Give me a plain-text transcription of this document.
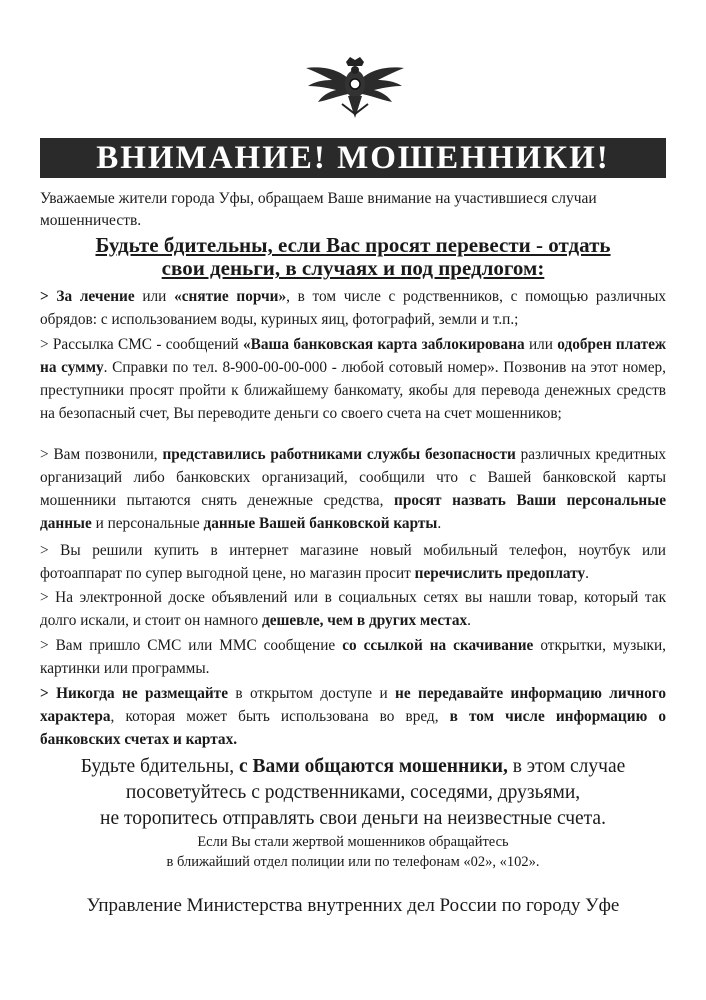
ВНИМАНИЕ! МОШЕННИКИ!
Уважаемые жители города Уфы, обращаем Ваше внимание на участившиеся случаи мошенничеств.
Будьте бдительны, если Вас просят перевести - отдать
свои деньги, в случаях и под предлогом:
> За лечение или «снятие порчи», в том числе с родственников, с помощью различных обрядов: с использованием воды, куриных яиц, фотографий, земли и т.п.;
> Рассылка СМС - сообщений «Ваша банковская карта заблокирована или одобрен платеж на сумму. Справки по тел. 8-900-00-00-000 - любой сотовый номер». Позвонив на этот номер, преступники просят пройти к ближайшему банкомату, якобы для перевода денежных средств на безопасный счет, Вы переводите деньги со своего счета на счет мошенников;
> Вам позвонили, представились работниками службы безопасности различных кредитных организаций либо банковских организаций, сообщили что с Вашей банковской карты мошенники пытаются снять денежные средства, просят назвать Ваши персональные данные и персональные данные Вашей банковской карты.
> Вы решили купить в интернет магазине новый мобильный телефон, ноутбук или фотоаппарат по супер выгодной цене, но магазин просит перечислить предоплату.
> На электронной доске объявлений или в социальных сетях вы нашли товар, который так долго искали, и стоит он намного дешевле, чем в других местах.
> Вам пришло СМС или ММС сообщение со ссылкой на скачивание открытки, музыки, картинки или программы.
> Никогда не размещайте в открытом доступе и не передавайте информацию личного характера, которая может быть использована во вред, в том числе информацию о банковских счетах и картах.
Будьте бдительны, с Вами общаются мошенники, в этом случае
посоветуйтесь с родственниками, соседями, друзьями,
не торопитесь отправлять свои деньги на неизвестные счета.
Если Вы стали жертвой мошенников обращайтесь
в ближайший отдел полиции или по телефонам «02», «102».
Управление Министерства внутренних дел России по городу Уфе
